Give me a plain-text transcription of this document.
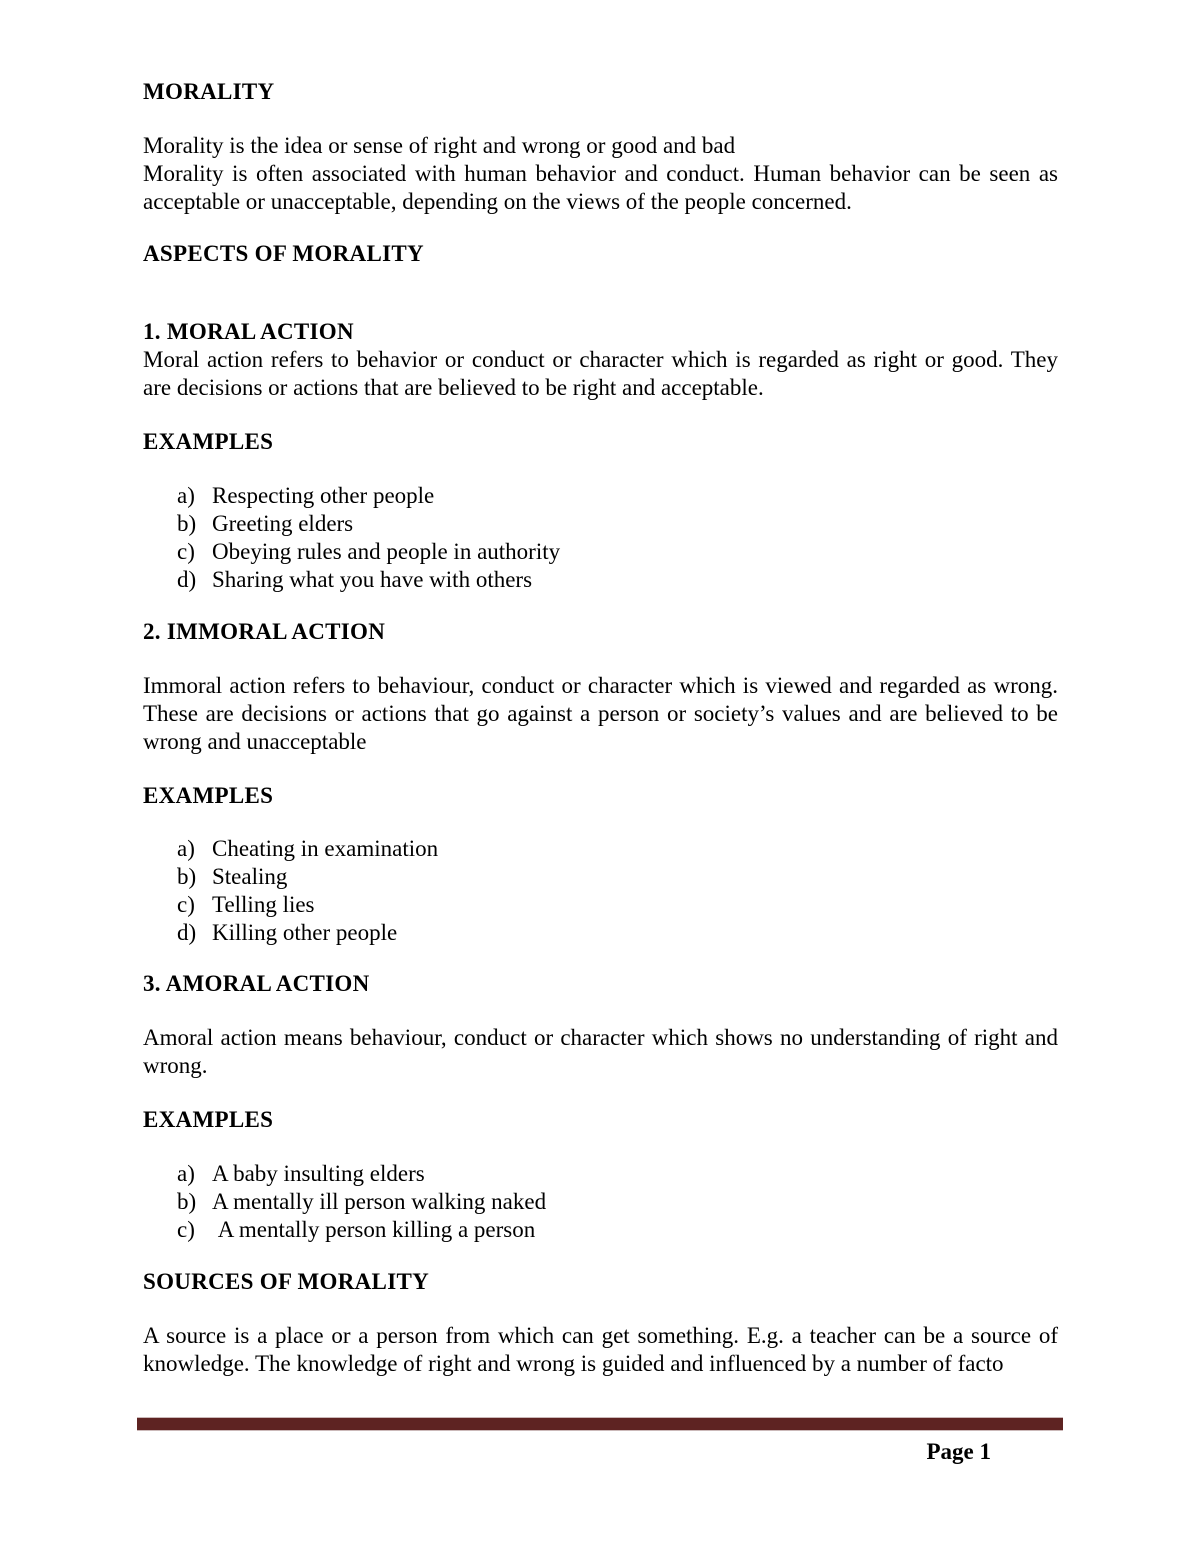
MORALITY
Morality is the idea or sense of right and wrong or good and bad
Morality is often associated with human behavior and conduct. Human behavior can be seen as acceptable or unacceptable, depending on the views of the people concerned.
ASPECTS OF MORALITY
1. MORAL ACTION
Moral action refers to behavior or conduct or character which is regarded as right or good. They are decisions or actions that are believed to be right and acceptable.
EXAMPLES
a) Respecting other people
b) Greeting elders
c) Obeying rules and people in authority
d) Sharing what you have with others
2. IMMORAL ACTION
Immoral action refers to behaviour, conduct or character which is viewed and regarded as wrong. These are decisions or actions that go against a person or society’s values and are believed to be wrong and unacceptable
EXAMPLES
a) Cheating in examination
b) Stealing
c) Telling lies
d) Killing other people
3. AMORAL ACTION
Amoral action means behaviour, conduct or character which shows no understanding of right and wrong.
EXAMPLES
a) A baby insulting elders
b) A mentally ill person walking naked
c) A mentally person killing a person
SOURCES OF MORALITY
A source is a place or a person from which can get something. E.g. a teacher can be a source of knowledge. The knowledge of right and wrong is guided and influenced by a number of facto
Page 1
